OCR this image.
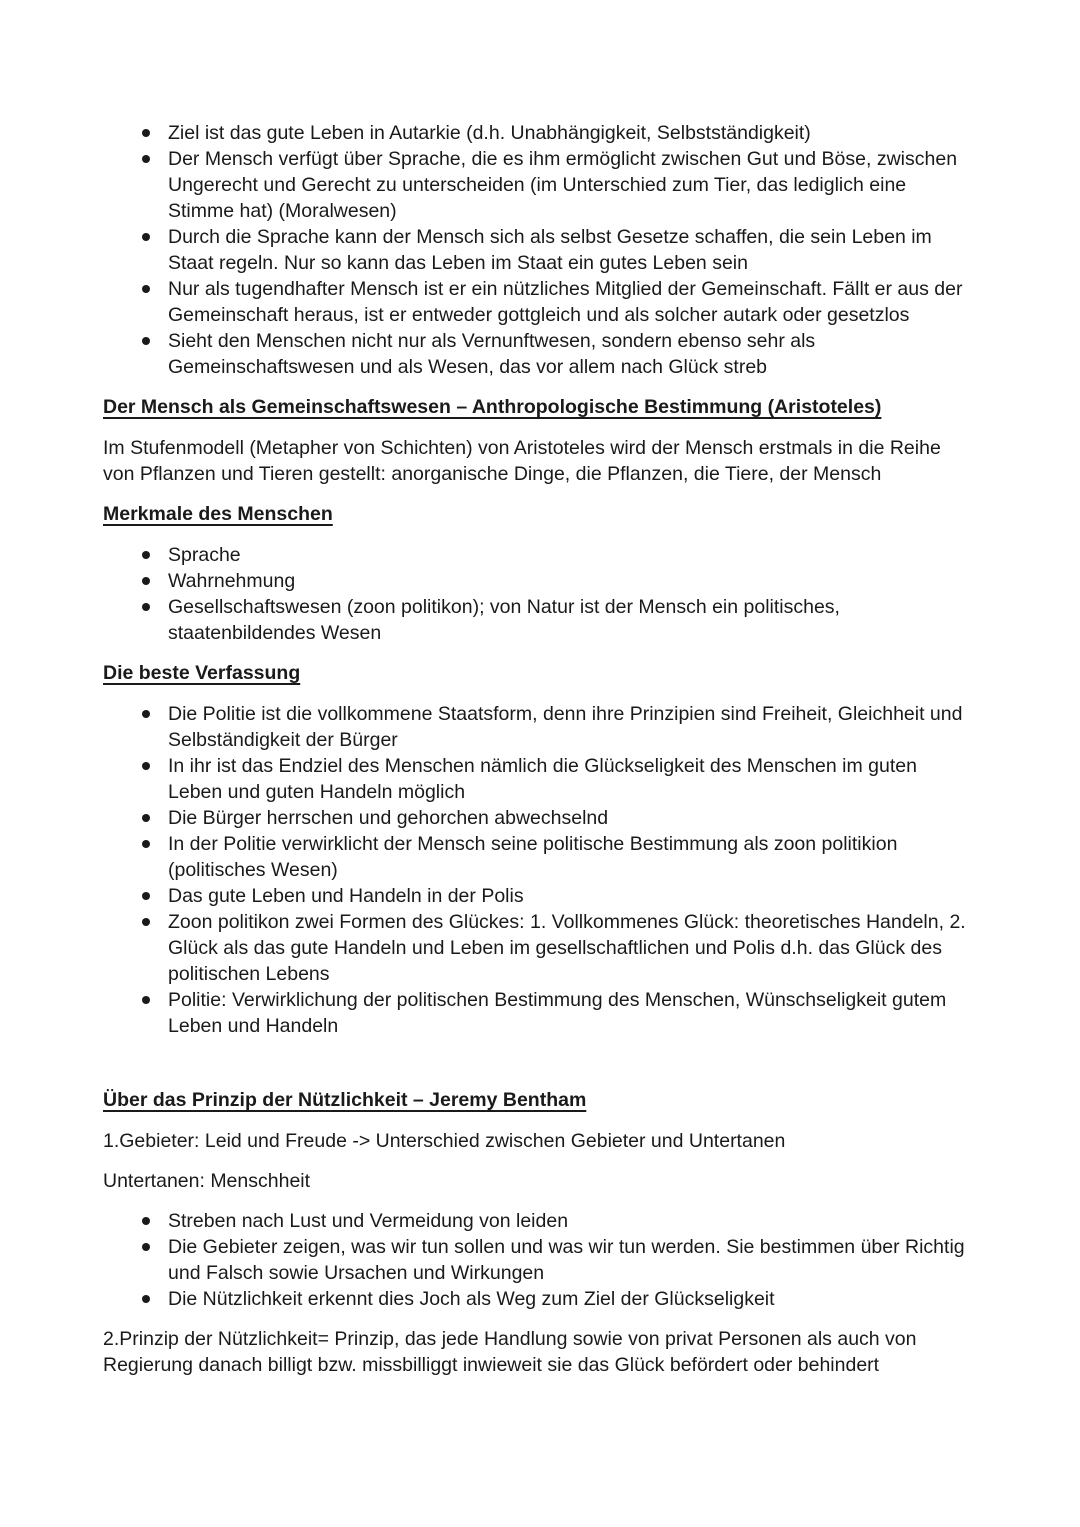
Ziel ist das gute Leben in Autarkie (d.h. Unabhängigkeit, Selbstständigkeit)
Der Mensch verfügt über Sprache, die es ihm ermöglicht zwischen Gut und Böse, zwischen Ungerecht und Gerecht zu unterscheiden (im Unterschied zum Tier, das lediglich eine Stimme hat) (Moralwesen)
Durch die Sprache kann der Mensch sich als selbst Gesetze schaffen, die sein Leben im Staat regeln. Nur so kann das Leben im Staat ein gutes Leben sein
Nur als tugendhafter Mensch ist er ein nützliches Mitglied der Gemeinschaft. Fällt er aus der Gemeinschaft heraus, ist er entweder gottgleich und als solcher autark oder gesetzlos
Sieht den Menschen nicht nur als Vernunftwesen, sondern ebenso sehr als Gemeinschaftswesen und als Wesen, das vor allem nach Glück streb
Der Mensch als Gemeinschaftswesen – Anthropologische Bestimmung (Aristoteles)

Im Stufenmodell (Metapher von Schichten) von Aristoteles wird der Mensch erstmals in die Reihe von Pflanzen und Tieren gestellt: anorganische Dinge, die Pflanzen, die Tiere, der Mensch

Merkmale des Menschen
Sprache
Wahrnehmung
Gesellschaftswesen (zoon politikon); von Natur ist der Mensch ein politisches, staatenbildendes Wesen
Die beste Verfassung
Die Politie ist die vollkommene Staatsform, denn ihre Prinzipien sind Freiheit, Gleichheit und Selbständigkeit der Bürger
In ihr ist das Endziel des Menschen nämlich die Glückseligkeit des Menschen im guten Leben und guten Handeln möglich
Die Bürger herrschen und gehorchen abwechselnd
In der Politie verwirklicht der Mensch seine politische Bestimmung als zoon politikion (politisches Wesen)
Das gute Leben und Handeln in der Polis
Zoon politikon zwei Formen des Glückes: 1. Vollkommenes Glück: theoretisches Handeln, 2. Glück als das gute Handeln und Leben im gesellschaftlichen und Polis d.h. das Glück des politischen Lebens
Politie: Verwirklichung der politischen Bestimmung des Menschen, Wünschseligkeit gutem Leben und Handeln
Über das Prinzip der Nützlichkeit – Jeremy Bentham

1.Gebieter: Leid und Freude -> Unterschied zwischen Gebieter und Untertanen

Untertanen: Menschheit

Streben nach Lust und Vermeidung von leiden
Die Gebieter zeigen, was wir tun sollen und was wir tun werden. Sie bestimmen über Richtig und Falsch sowie Ursachen und Wirkungen
Die Nützlichkeit erkennt dies Joch als Weg zum Ziel der Glückseligkeit

2.Prinzip der Nützlichkeit= Prinzip, das jede Handlung sowie von privat Personen als auch von Regierung danach billigt bzw. missbilliggt inwieweit sie das Glück befördert oder behindert
